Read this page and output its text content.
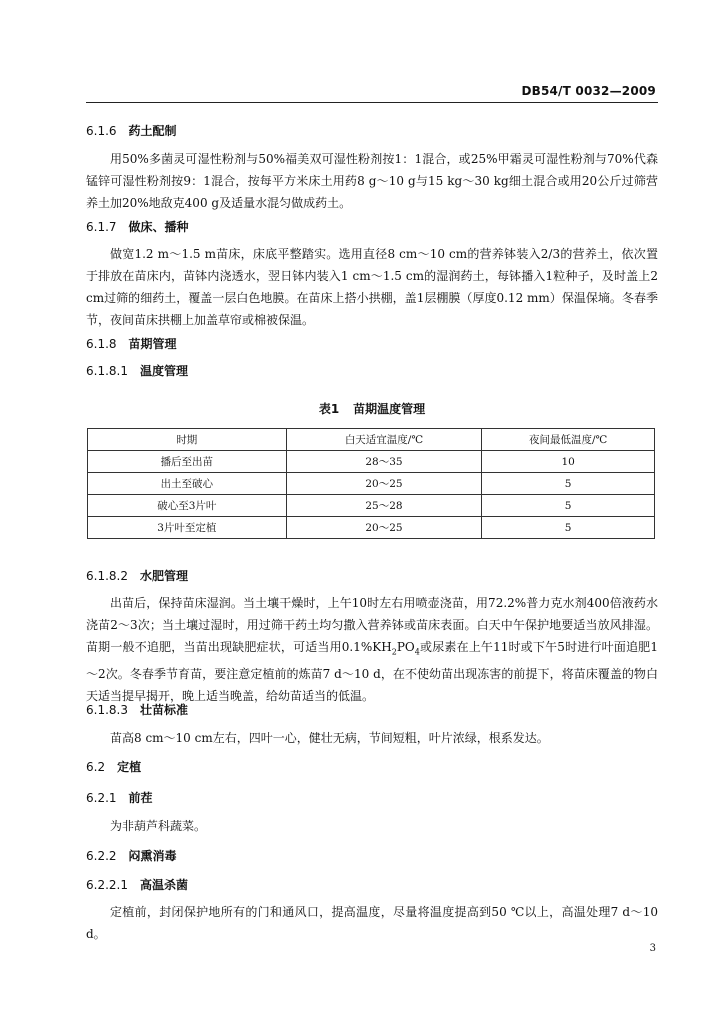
DB54/T 0032—2009
6.1.6 药土配制

用50%多菌灵可湿性粉剂与50%福美双可湿性粉剂按1：1混合，或25%甲霜灵可湿性粉剂与70%代森锰锌可湿性粉剂按9：1混合，按每平方米床土用药8 g～10 g与15 kg～30 kg细土混合或用20公斤过筛营养土加20%地敌克400 g及适量水混匀做成药土。

6.1.7 做床、播种

做宽1.2 m～1.5 m苗床，床底平整踏实。选用直径8 cm～10 cm的营养钵装入2/3的营养土，依次置于排放在苗床内，苗钵内浇透水，翌日钵内装入1 cm～1.5 cm的湿润药土，每钵播入1粒种子，及时盖上2 cm过筛的细药土，覆盖一层白色地膜。在苗床上搭小拱棚，盖1层棚膜（厚度0.12 mm）保温保墒。冬春季节，夜间苗床拱棚上加盖草帘或棉被保温。

6.1.8 苗期管理
6.1.8.1 温度管理
表1 苗期温度管理
时期	白天适宜温度/℃	夜间最低温度/℃
播后至出苗	28～35	10
出土至破心	20～25	5
破心至3片叶	25～28	5
3片叶至定植	20～25	5
6.1.8.2 水肥管理

出苗后，保持苗床湿润。当土壤干燥时，上午10时左右用喷壶浇苗，用72.2%普力克水剂400倍液药水浇苗2～3次；当土壤过湿时，用过筛干药土均匀撒入营养钵或苗床表面。白天中午保护地要适当放风排湿。苗期一般不追肥，当苗出现缺肥症状，可适当用$0.1\%KH_2PO_4$或尿素在上午11时或下午5时进行叶面追肥1～2次。冬春季节育苗，要注意定植前的炼苗7 d～10 d，在不使幼苗出现冻害的前提下，将苗床覆盖的物白天适当提早揭开，晚上适当晚盖，给幼苗适当的低温。

6.1.8.3 壮苗标准

苗高8 cm～10 cm左右，四叶一心，健壮无病，节间短粗，叶片浓绿，根系发达。

6.2 定植
6.2.1 前茬

为非葫芦科蔬菜。

6.2.2 闷熏消毒
6.2.2.1 高温杀菌

定植前，封闭保护地所有的门和通风口，提高温度，尽量将温度提高到50 ℃以上，高温处理7 d～10 d。

3
